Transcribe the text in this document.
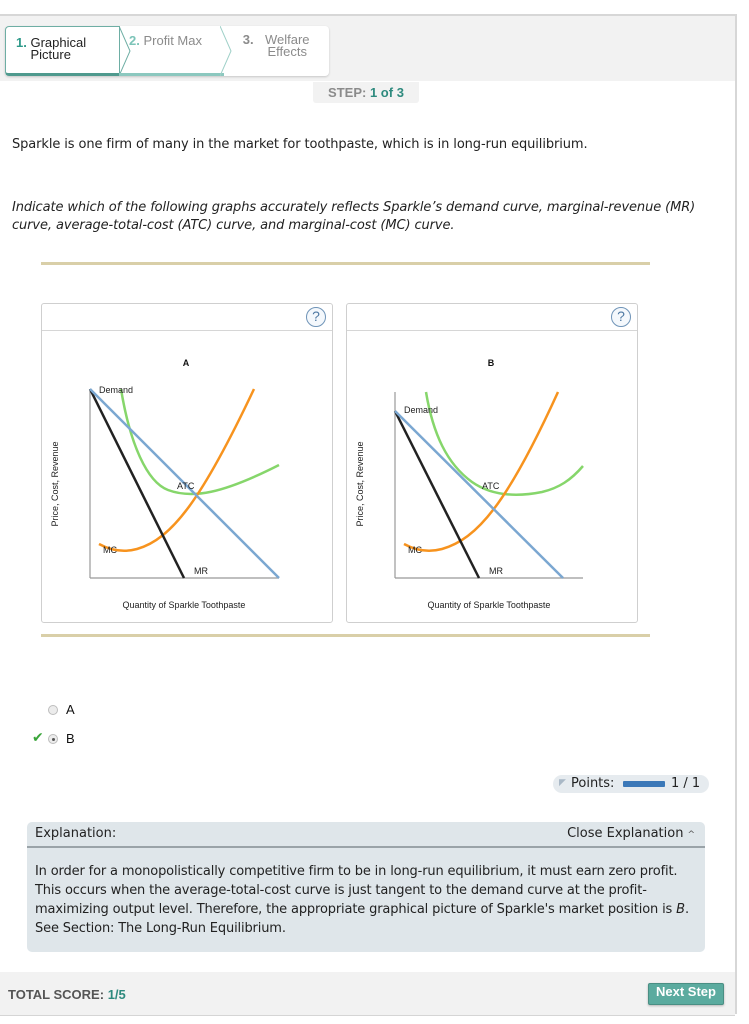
1. Graphical Picture
2. Profit Max	3. Welfare Effects
STEP: 1 of 3
Sparkle is one firm of many in the market for toothpaste, which is in long-run equilibrium.
Indicate which of the following graphs accurately reflects Sparkle’s demand curve, marginal-revenue (MR) curve, average-total-cost (ATC) curve, and marginal-cost (MC) curve.
?
A
Demand
ATC
MC
MR
Quantity of Sparkle Toothpaste
Price, Cost, Revenue
?
B
Demand
ATC
MC
MR
Quantity of Sparkle Toothpaste
Price, Cost, Revenue
A
✔ B
◤ Points:	1 / 1
Explanation:	Close Explanation ^
In order for a monopolistically competitive firm to be in long-run equilibrium, it must earn zero profit. This occurs when the average-total-cost curve is just tangent to the demand curve at the profit-maximizing output level. Therefore, the appropriate graphical picture of Sparkle's market position is B. See Section: The Long-Run Equilibrium.
TOTAL SCORE: 1/5	Next Step
